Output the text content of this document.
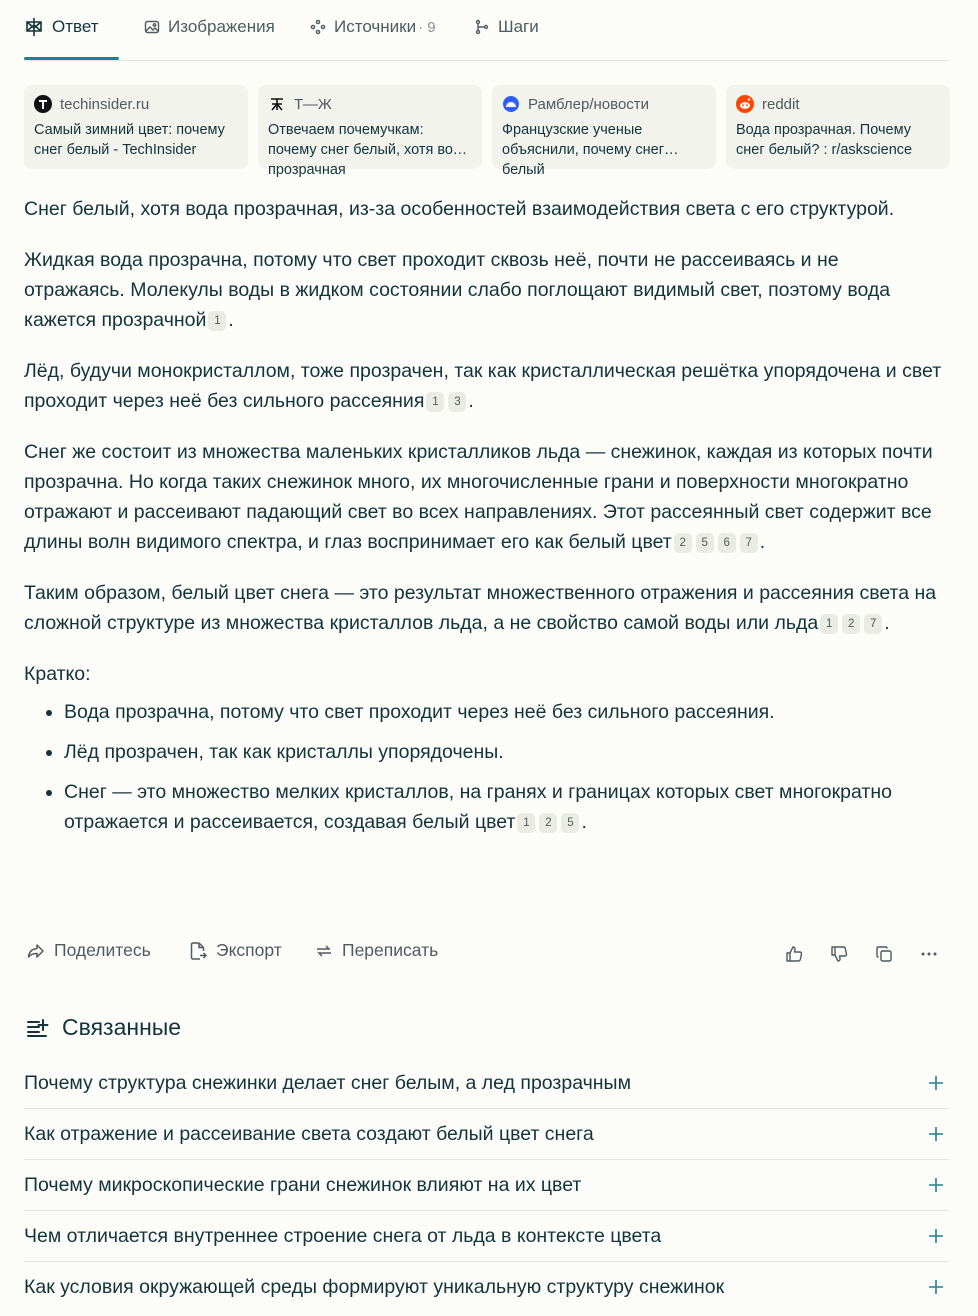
Ответ	Изображения	Источники · 9	Шаги
techinsider.ru
Самый зимний цвет: почему снег белый - TechInsider
Т—Ж
Отвечаем почемучкам: почему снег белый, хотя вода прозрачная
Рамблер/новости
Французские ученые объяснили, почему снег белый
reddit
Вода прозрачная. Почему снег белый? : r/askscience

Снег белый, хотя вода прозрачная, из-за особенностей взаимодействия света с его структурой.

Жидкая вода прозрачна, потому что свет проходит сквозь неё, почти не рассеиваясь и не отражаясь. Молекулы воды в жидком состоянии слабо поглощают видимый свет, поэтому вода кажется прозрачной 1 .

Лёд, будучи монокристаллом, тоже прозрачен, так как кристаллическая решётка упорядочена и свет проходит через неё без сильного рассеяния 1 3 .

Снег же состоит из множества маленьких кристалликов льда — снежинок, каждая из которых почти прозрачна. Но когда таких снежинок много, их многочисленные грани и поверхности многократно отражают и рассеивают падающий свет во всех направлениях. Этот рассеянный свет содержит все длины волн видимого спектра, и глаз воспринимает его как белый цвет 2 5 6 7 .

Таким образом, белый цвет снега — это результат множественного отражения и рассеяния света на сложной структуре из множества кристаллов льда, а не свойство самой воды или льда 1 2 7 .

Кратко:

• Вода прозрачна, потому что свет проходит через неё без сильного рассеяния.
• Лёд прозрачен, так как кристаллы упорядочены.
• Снег — это множество мелких кристаллов, на гранях и границах которых свет многократно отражается и рассеивается, создавая белый цвет 1 2 5 .
Поделитесь	Экспорт	Переписать
Связанные
Почему структура снежинки делает снег белым, а лед прозрачным
Как отражение и рассеивание света создают белый цвет снега
Почему микроскопические грани снежинок влияют на их цвет
Чем отличается внутреннее строение снега от льда в контексте цвета
Как условия окружающей среды формируют уникальную структуру снежинок
